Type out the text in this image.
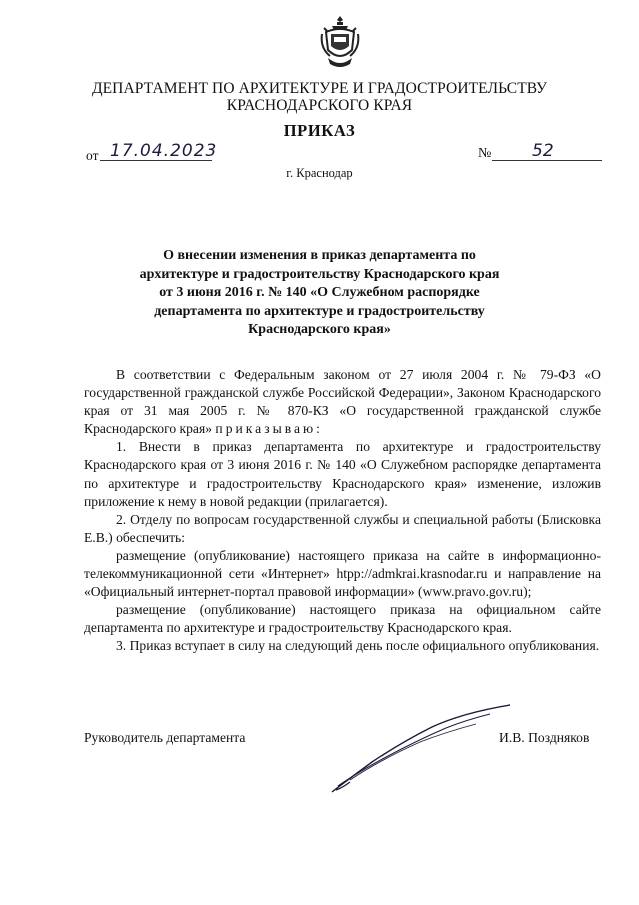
ДЕПАРТАМЕНТ ПО АРХИТЕКТУРЕ И ГРАДОСТРОИТЕЛЬСТВУ
КРАСНОДАРСКОГО КРАЯ
ПРИКАЗ
от 17.04.2023	№	52
г. Краснодар
О внесении изменения в приказ департамента по
архитектуре и градостроительству Краснодарского края
от 3 июня 2016 г. № 140 «О Служебном распорядке
департамента по архитектуре и градостроительству
Краснодарского края»

В соответствии с Федеральным законом от 27 июля 2004 г. № 79-ФЗ «О государственной гражданской службе Российской Федерации», Законом Краснодарского края от 31 мая 2005 г. № 870-КЗ «О государственной гражданской службе Краснодарского края» приказываю:

1. Внести в приказ департамента по архитектуре и градостроительству Краснодарского края от 3 июня 2016 г. № 140 «О Служебном распорядке департамента по архитектуре и градостроительству Краснодарского края» изменение, изложив приложение к нему в новой редакции (прилагается).

2. Отделу по вопросам государственной службы и специальной работы (Блисковка Е.В.) обеспечить:

размещение (опубликование) настоящего приказа на сайте в информационно-телекоммуникационной сети «Интернет» htpp://admkrai.krasnodar.ru и направление на «Официальный интернет-портал правовой информации» (www.pravo.gov.ru);

размещение (опубликование) настоящего приказа на официальном сайте департамента по архитектуре и градостроительству Краснодарского края.

3. Приказ вступает в силу на следующий день после официального опубликования.

Руководитель департамента	И.В. Поздняков
